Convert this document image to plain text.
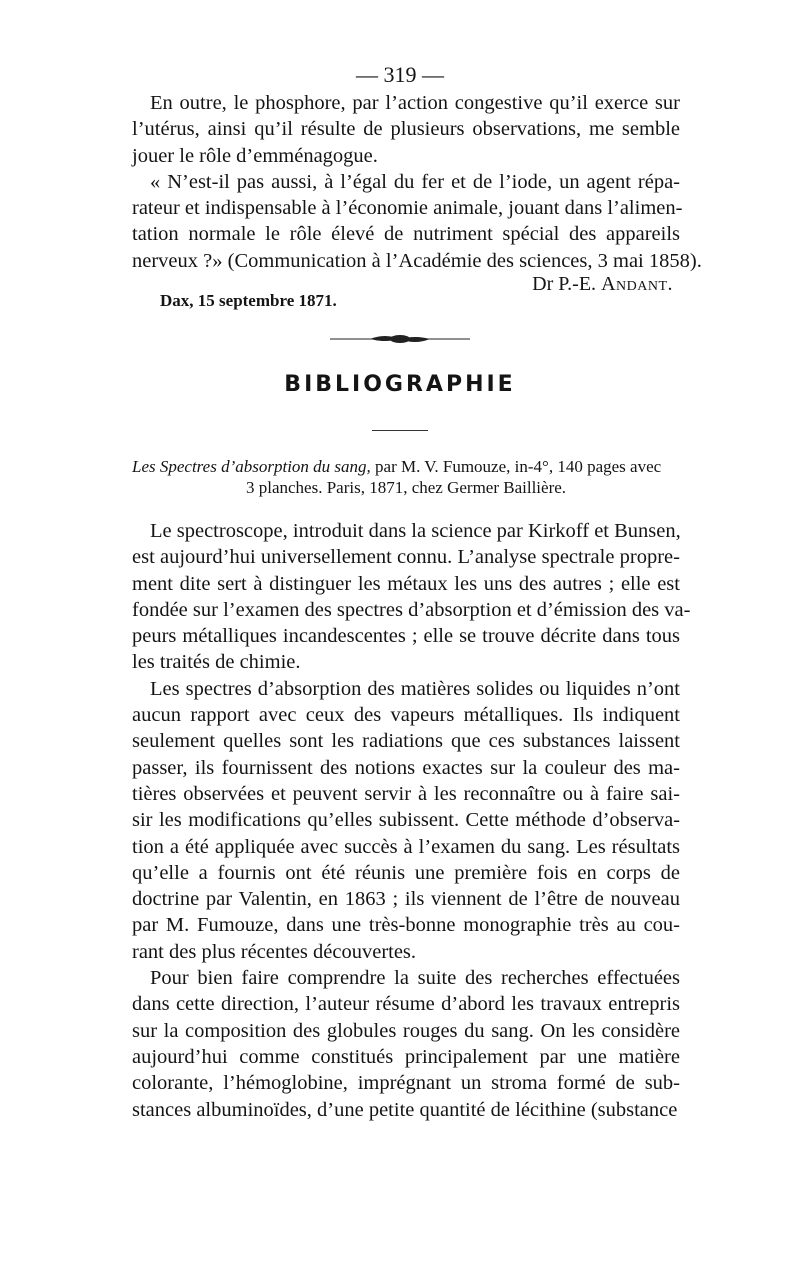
— 319 —
En outre, le phosphore, par l’action congestive qu’il exerce sur
l’utérus, ainsi qu’il résulte de plusieurs observations, me semble
jouer le rôle d’emménagogue.
« N’est-il pas aussi, à l’égal du fer et de l’iode, un agent répa-
rateur et indispensable à l’économie animale, jouant dans l’alimen-
tation normale le rôle élevé de nutriment spécial des appareils
nerveux ?» (Communication à l’Académie des sciences, 3 mai 1858).
Dr P.-E. Andant.
Dax, 15 septembre 1871.
BIBLIOGRAPHIE
Les Spectres d’absorption du sang, par M. V. Fumouze, in-4°, 140 pages avec
3 planches. Paris, 1871, chez Germer Baillière.
Le spectroscope, introduit dans la science par Kirkoff et Bunsen,
est aujourd’hui universellement connu. L’analyse spectrale propre-
ment dite sert à distinguer les métaux les uns des autres ; elle est
fondée sur l’examen des spectres d’absorption et d’émission des va-
peurs métalliques incandescentes ; elle se trouve décrite dans tous
les traités de chimie.
Les spectres d’absorption des matières solides ou liquides n’ont
aucun rapport avec ceux des vapeurs métalliques. Ils indiquent
seulement quelles sont les radiations que ces substances laissent
passer, ils fournissent des notions exactes sur la couleur des ma-
tières observées et peuvent servir à les reconnaître ou à faire sai-
sir les modifications qu’elles subissent. Cette méthode d’observa-
tion a été appliquée avec succès à l’examen du sang. Les résultats
qu’elle a fournis ont été réunis une première fois en corps de
doctrine par Valentin, en 1863 ; ils viennent de l’être de nouveau
par M. Fumouze, dans une très-bonne monographie très au cou-
rant des plus récentes découvertes.
Pour bien faire comprendre la suite des recherches effectuées
dans cette direction, l’auteur résume d’abord les travaux entrepris
sur la composition des globules rouges du sang. On les considère
aujourd’hui comme constitués principalement par une matière
colorante, l’hémoglobine, imprégnant un stroma formé de sub-
stances albuminoïdes, d’une petite quantité de lécithine (substance
